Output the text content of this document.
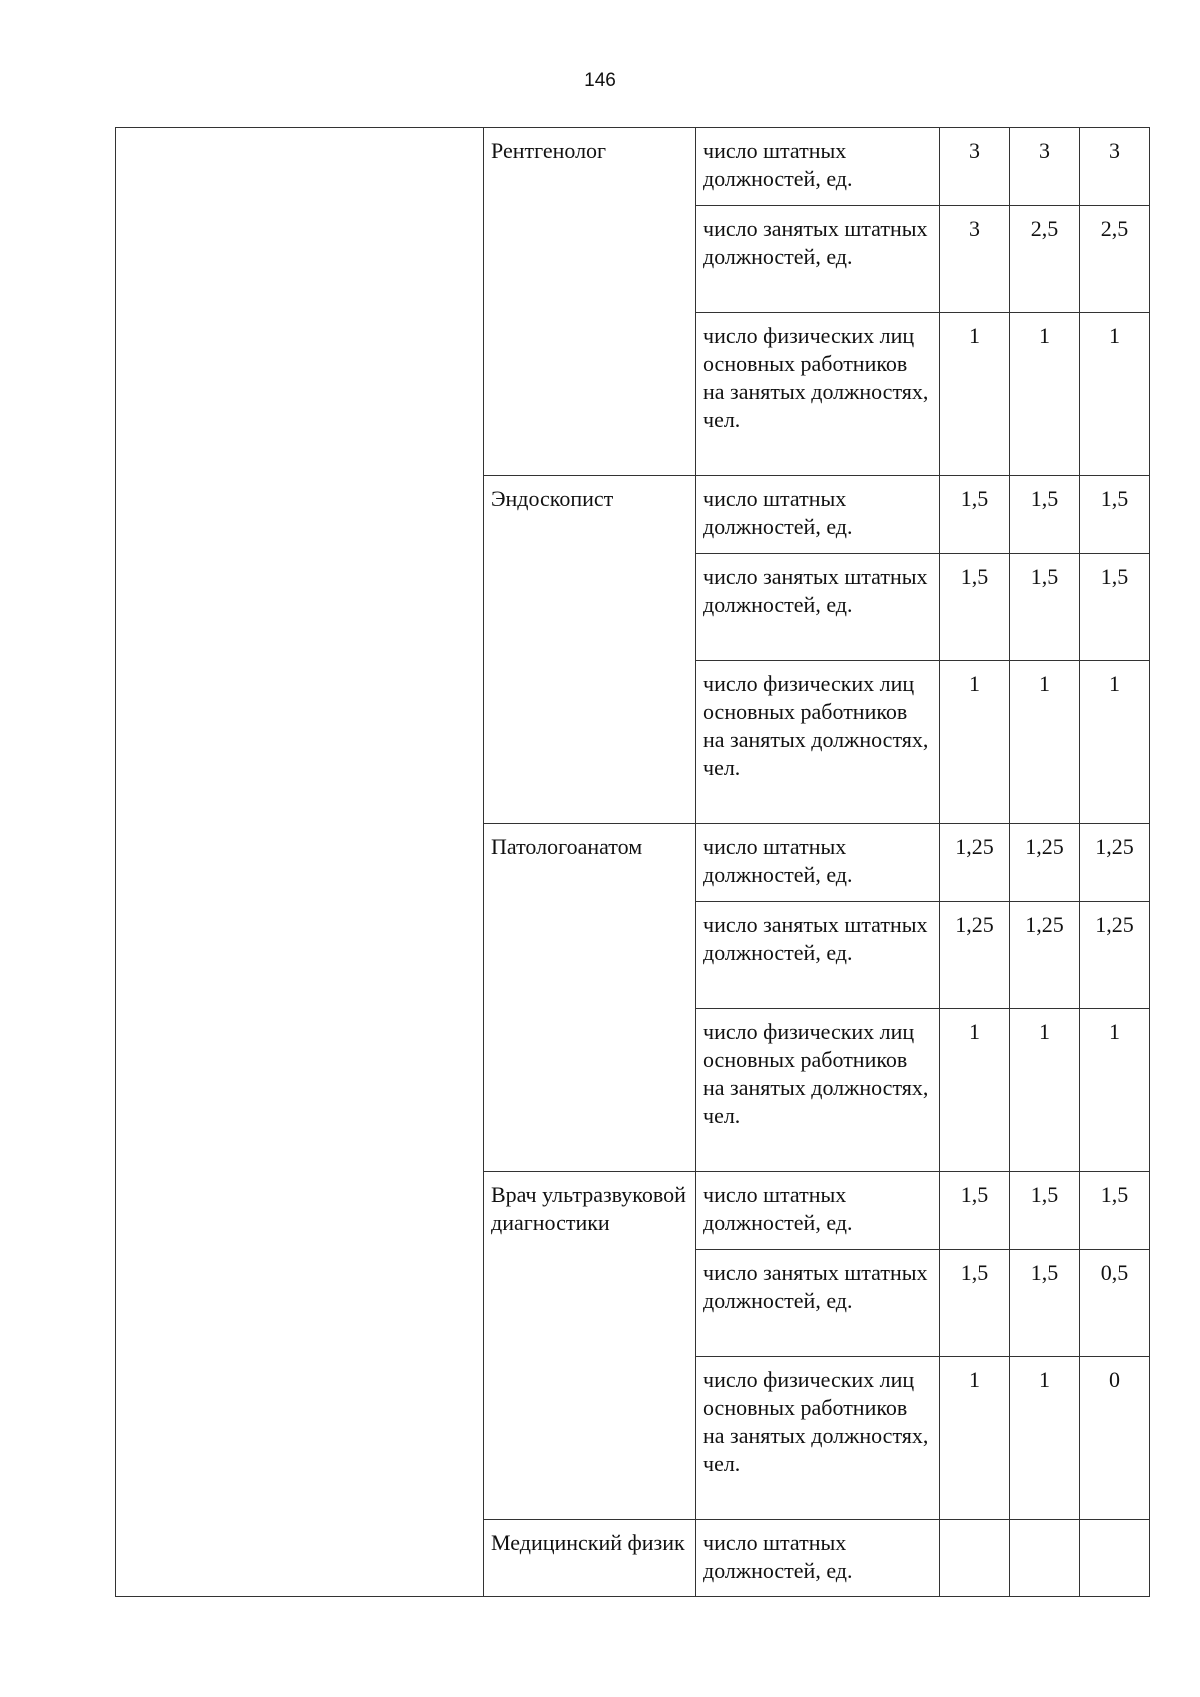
146
	Рентгенолог	число штатных должностей, ед.	3	3	3
		число занятых штатных должностей, ед.	3	2,5	2,5
		число физических лиц основных работников на занятых должностях, чел.	1	1	1
	Эндоскопист	число штатных должностей, ед.	1,5	1,5	1,5
		число занятых штатных должностей, ед.	1,5	1,5	1,5
		число физических лиц основных работников на занятых должностях, чел.	1	1	1
	Патологоанатом	число штатных должностей, ед.	1,25	1,25	1,25
		число занятых штатных должностей, ед.	1,25	1,25	1,25
		число физических лиц основных работников на занятых должностях, чел.	1	1	1
	Врач ультразвуковой диагностики	число штатных должностей, ед.	1,5	1,5	1,5
		число занятых штатных должностей, ед.	1,5	1,5	0,5
		число физических лиц основных работников на занятых должностях, чел.	1	1	0
	Медицинский физик	число штатных должностей, ед.			
